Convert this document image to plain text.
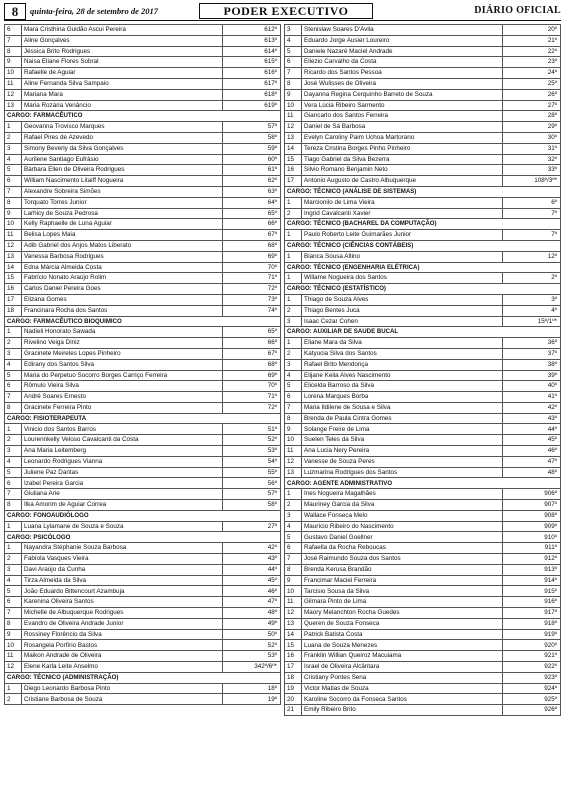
8	quinta-feira, 28 de setembro de 2017	PODER EXECUTIVO	DIÁRIO OFICIAL
6	Mara Cristhina Guidão Ascui Pereira	612º
7	Aline Gonçalves	613º
8	Jéssica Brito Rodrigues	614º
9	Naisa Eliane Flores Sobral	615º
10	Rafaelle de Aguiar	616º
11	Aline Fernanda Silva Sampaio	617º
12	Mariana Mara	618º
13	Maria Rozária Venâncio	619º
CARGO: FARMACÊUTICO		
1	Geovanna Trovisco Marques	57º
2	Rafael Pires de Azevedo	58º
3	Simony Beverly da Silva Gonçalves	59º
4	Aurilene Santiago Eufrásio	60º
5	Bárbara Ellen de Oliveira Rodrigues	61º
6	William Nascimento Litaiff Nogueira	62º
7	Alexandre Sobreira Simões	63º
8	Torquato Torres Junior	64º
9	Larhicy de Souza Pedrosa	65º
10	Kelly Raphaelle de Luna Aguiar	66º
11	Belisa Lopes Maia	67º
12	Adib Gabriel dos Anjos Matos Liberato	68º
13	Vanessa Barbosa Rodrigues	69º
14	Edna Márcia Almeida Costa	70º
15	Fabrício Nonato Araújo Rolim	71º
16	Carlos Daniel Pereira Goes	72º
17	Elizana Gomes	73º
18	Francinara Rocha dos Santos	74º
CARGO: FARMACÊUTICO BIOQUIMICO		
1	Nadieli Honorato Sawada	65º
2	Rivelino Veiga Diniz	66º
3	Gracinete Meireles Lopes Pinheiro	67º
4	Edirany dos Santos Silva	68º
5	Maria do Perpetuo Socorro Borges Carriço Ferreira	69º
6	Rômulo Vieira Silva	70º
7	André Soares Ernesto	71º
8	Gracinete Ferreira Pinto	72º
CARGO: FISIOTERAPEUTA		
1	Vinicio dos Santos Barros	51º
2	Lourennkelly Veloso Cavalcanti da Costa	52º
3	Ana Maria Leitemberg	53º
4	Leonardo Rodrigues Vianna	54º
5	Juliene Paz Dantas	55º
6	Izabel Pereira Garcia	56º
7	Giuliana Arie	57º
8	Ilka Amorim de Aguiar Correa	58º
CARGO: FONOAUDIÓLOGO		
1	Luana Lylamane de Souza e Souza	27º
CARGO: PSICÓLOGO		
1	Nayandra Stéphanie Souza Barbosa	42º
2	Fabíola Vasques Vieira	43º
3	Davi Araújo da Cunha	44º
4	Tirza Almeida da Silva	45º
5	João Eduardo Bittencourt Azambuja	46º
6	Karenina Oliveira Santos	47º
7	Michelle de Albuquerque Rodrigues	48º
8	Evandro de Oliveira Andrade Junior	49º
9	Rossiney Florêncio da Silva	50º
10	Rosangela Porfírio Bastos	52º
11	Maikon Andrade de Oliveira	53º
12	Elene Karla Leite Anselmo	342º/6º*
CARGO: TÉCNICO (ADMINISTRAÇÃO)		
1	Diego Leonardo Barbosa Pinto	18º
2	Cristiane Barbosa de Souza	19º
3	Stenislaw Soares D'Avila	20º
4	Eduardo Jorge Ausier Loureiro	21º
5	Daniele Nazaré Maciel Andrade	22º
6	Eliezio Carvalho da Costa	23º
7	Ricardo dos Santos Pessoa	24º
8	José Wulisses de Oliveira	25º
9	Dayanna Regina Cerquinho Barreto de Souza	26º
10	Vera Lúcia Ribeiro Sarmento	27º
11	Giancarlo dos Santos Ferreira	28º
12	Daniel de Sá Barbosa	29º
13	Evelyn Caroliny Paim Uchoa Martorano	30º
14	Tereza Cristina Borges Pinho Pinheiro	31º
15	Tiago Gabriel da Silva Bezerra	32º
16	Silvio Romano Benjamin Neto	33º
17	Antonio Augusto de Castro Albuquerque	108º/3º*
CARGO: TÉCNICO (ANÁLISE DE SISTEMAS)		
1	Marcionilo de Lima Vieira	6º
2	Ingrid Cavalcanti Xavier	7º
CARGO: TÉCNICO (BACHAREL DA COMPUTAÇÃO)		
1	Paulo Roberto Leite Guimarães Junior	7º
CARGO: TÉCNICO (CIÊNCIAS CONTÁBEIS)		
1	Bianca Sousa Altino	12º
CARGO: TÉCNICO (ENGENHARIA ELÉTRICA)		
1	Willame Nogueira dos Santos	2º
CARGO: TÉCNICO (ESTATÍSTICO)		
1	Thiago de Souza Alves	3º
2	Thiago Bentes Juca	4º
3	Isaac Cezar Cohen	15º/1º*
CARGO: AUXILIAR DE SAUDE BUCAL		
1	Eliane Mara da Silva	36º
2	Katyucia Silva dos Santos	37º
3	Rafael Brito Mendonça	38º
4	Elijane Keila Alves Nascimento	39º
5	Elicelda Barroso da Silva	40º
6	Lorena Marques Borba	41º
7	Maria Ildilene de Sousa e Silva	42º
8	Brenda de Paula Cintra Gomes	43º
9	Solange Freire de Lima	44º
10	Suelen Teles da Silva	45º
11	Ana Lucia Nery Pereira	46º
12	Vanesse de Souza Peres	47º
13	Luzmarina Rodrigues dos Santos	48º
CARGO: AGENTE ADMINISTRATIVO		
1	Ines Nogueira Magalhães	906º
2	Mauriney Garcia da Silva	907º
3	Wallace Fonseca Melo	908º
4	Maurício Ribeiro do Nascimento	909º
5	Gustavo Daniel Goellner	910º
6	Rafaella da Rocha Reboucas	911º
7	José Raimundo Souza dos Santos	912º
8	Brenda Kerusa Brandão	913º
9	Francimar Maciel Ferreira	914º
10	Tarcisio Sousa da Silva	915º
11	Gilmara Pinto de Lima	916º
12	Maory Melanchton Rocha Guedes	917º
13	Queren de Souza Fonseca	918º
14	Patrick Batista Costa	919º
15	Luana de Souza Menezes	920º
16	Franklin Willian Queiroz Macuiama	921º
17	Israel de Oliveira Alcântara	922º
18	Cristiany Pontes Sena	923º
19	Victor Matias de Souza	924º
20	Karoline Socorro da Fonseca Santos	925º
21	Emily Ribeiro Brito	926º
